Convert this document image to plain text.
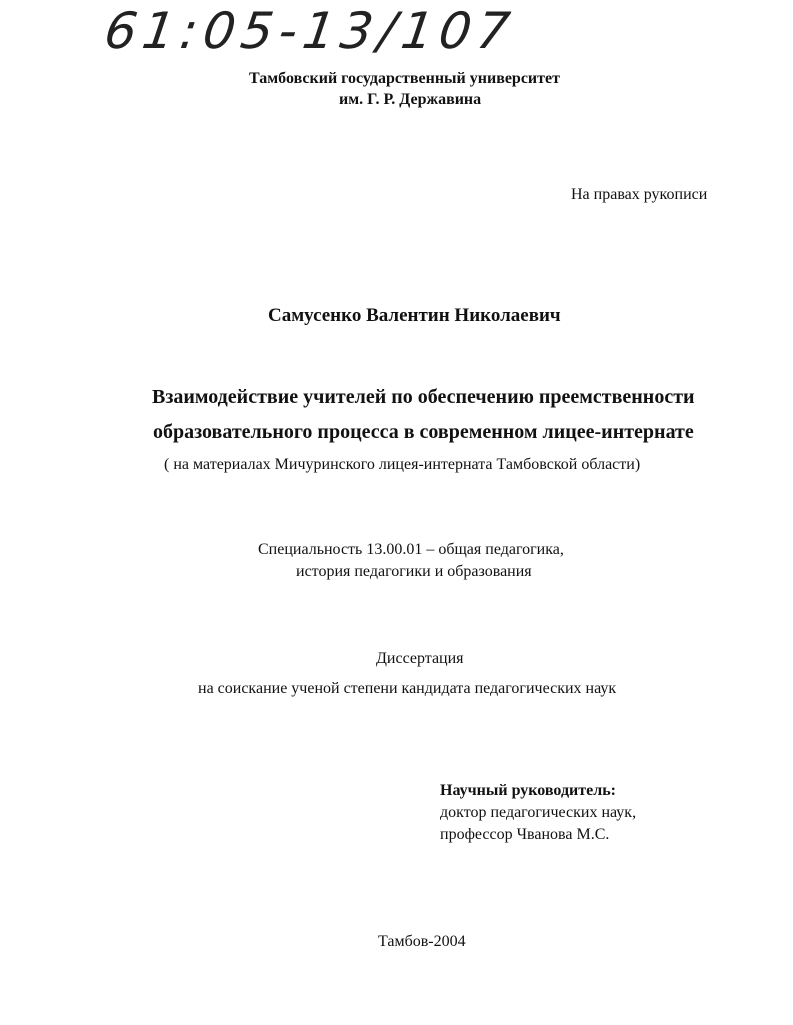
61:05-13/107
Тамбовский государственный университет
им. Г. Р. Державина
На правах рукописи
Самусенко Валентин Николаевич
Взаимодействие учителей по обеспечению преемственности
образовательного процесса в современном лицее-интернате
( на материалах Мичуринского лицея-интерната Тамбовской области)
Специальность 13.00.01 – общая педагогика,
история педагогики и образования
Диссертация
на соискание ученой степени кандидата педагогических наук
Научный руководитель:
доктор педагогических наук,
профессор Чванова М.С.
Тамбов-2004
